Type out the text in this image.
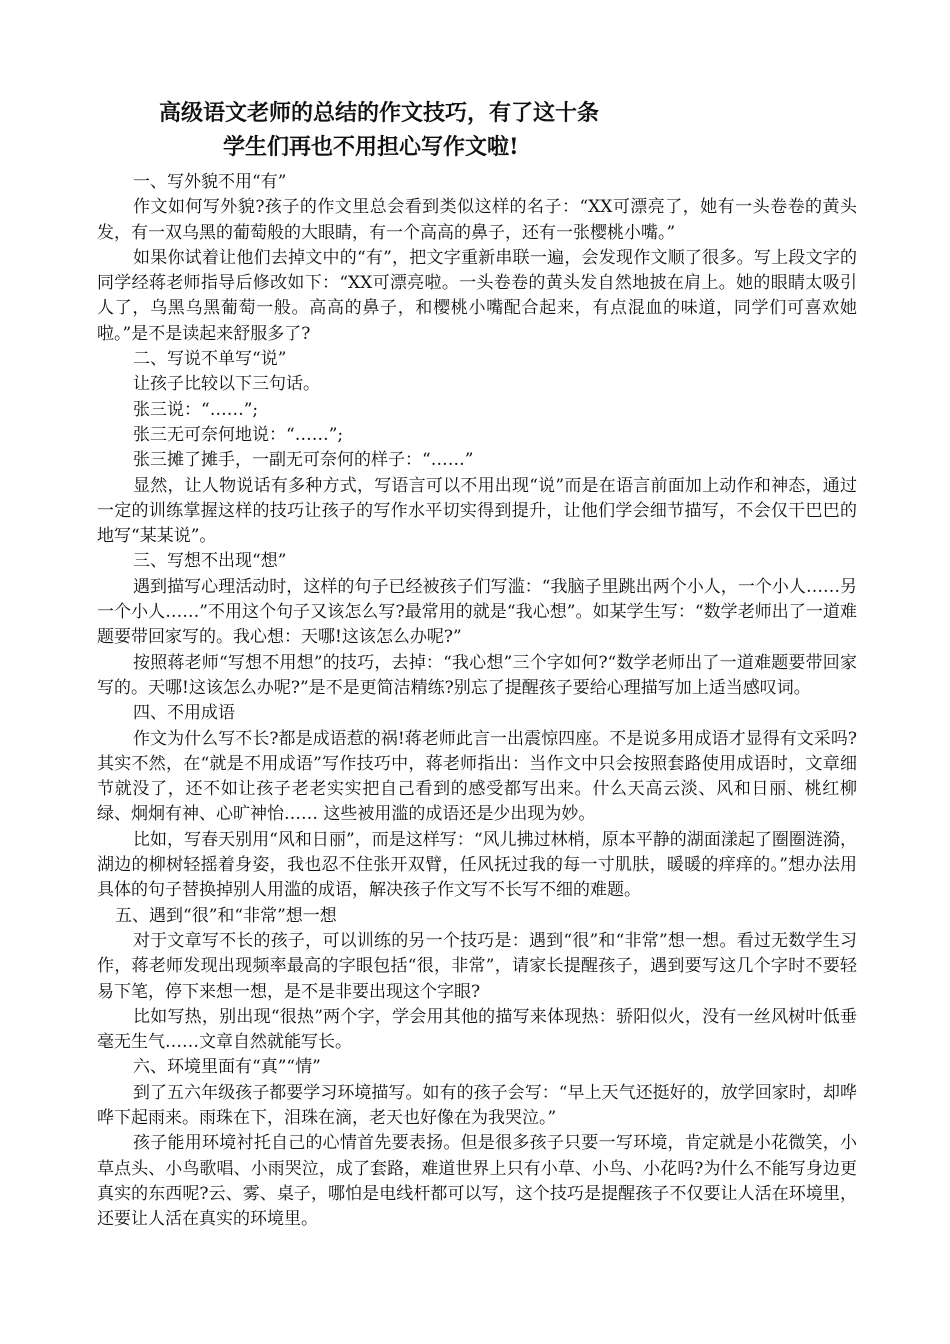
高级语文老师的总结的作文技巧，有了这十条

学生们再也不用担心写作文啦!

一、写外貌不用“有”

作文如何写外貌?孩子的作文里总会看到类似这样的名子：“XX可漂亮了，她有一头卷卷的黄头发，有一双乌黑的葡萄般的大眼睛，有一个高高的鼻子，还有一张樱桃小嘴。”

如果你试着让他们去掉文中的“有”，把文字重新串联一遍，会发现作文顺了很多。写上段文字的同学经蒋老师指导后修改如下：“XX可漂亮啦。一头卷卷的黄头发自然地披在肩上。她的眼睛太吸引人了，乌黑乌黑葡萄一般。高高的鼻子，和樱桃小嘴配合起来，有点混血的味道，同学们可喜欢她啦。”是不是读起来舒服多了?

二、写说不单写“说”

让孩子比较以下三句话。

张三说：“……”;

张三无可奈何地说：“……”;

张三摊了摊手，一副无可奈何的样子：“……”

显然，让人物说话有多种方式，写语言可以不用出现“说”而是在语言前面加上动作和神态，通过一定的训练掌握这样的技巧让孩子的写作水平切实得到提升，让他们学会细节描写，不会仅干巴巴的地写“某某说”。

三、写想不出现“想”

遇到描写心理活动时，这样的句子已经被孩子们写滥：“我脑子里跳出两个小人，一个小人……另一个小人……”不用这个句子又该怎么写?最常用的就是“我心想”。如某学生写：“数学老师出了一道难题要带回家写的。我心想：天哪!这该怎么办呢?”

按照蒋老师“写想不用想”的技巧，去掉：“我心想”三个字如何?“数学老师出了一道难题要带回家写的。天哪!这该怎么办呢?”是不是更简洁精练?别忘了提醒孩子要给心理描写加上适当感叹词。

四、不用成语

作文为什么写不长?都是成语惹的祸!蒋老师此言一出震惊四座。不是说多用成语才显得有文采吗?其实不然，在“就是不用成语”写作技巧中，蒋老师指出：当作文中只会按照套路使用成语时，文章细节就没了，还不如让孩子老老实实把自己看到的感受都写出来。什么天高云淡、风和日丽、桃红柳绿、炯炯有神、心旷神怡…… 这些被用滥的成语还是少出现为妙。

比如，写春天别用“风和日丽”，而是这样写：“风儿拂过林梢，原本平静的湖面漾起了圈圈涟漪，湖边的柳树轻摇着身姿，我也忍不住张开双臂，任风抚过我的每一寸肌肤，暖暖的痒痒的。”想办法用具体的句子替换掉别人用滥的成语，解决孩子作文写不长写不细的难题。

五、遇到“很”和“非常”想一想

对于文章写不长的孩子，可以训练的另一个技巧是：遇到“很”和“非常”想一想。看过无数学生习作，蒋老师发现出现频率最高的字眼包括“很，非常”，请家长提醒孩子，遇到要写这几个字时不要轻易下笔，停下来想一想，是不是非要出现这个字眼?

比如写热，别出现“很热”两个字，学会用其他的描写来体现热：骄阳似火，没有一丝风树叶低垂毫无生气……文章自然就能写长。

六、环境里面有“真”“情”

到了五六年级孩子都要学习环境描写。如有的孩子会写：“早上天气还挺好的，放学回家时，却哗哗下起雨来。雨珠在下，泪珠在滴，老天也好像在为我哭泣。”

孩子能用环境衬托自己的心情首先要表扬。但是很多孩子只要一写环境，肯定就是小花微笑，小草点头、小鸟歌唱、小雨哭泣，成了套路，难道世界上只有小草、小鸟、小花吗?为什么不能写身边更真实的东西呢?云、雾、桌子，哪怕是电线杆都可以写，这个技巧是提醒孩子不仅要让人活在环境里，还要让人活在真实的环境里。
